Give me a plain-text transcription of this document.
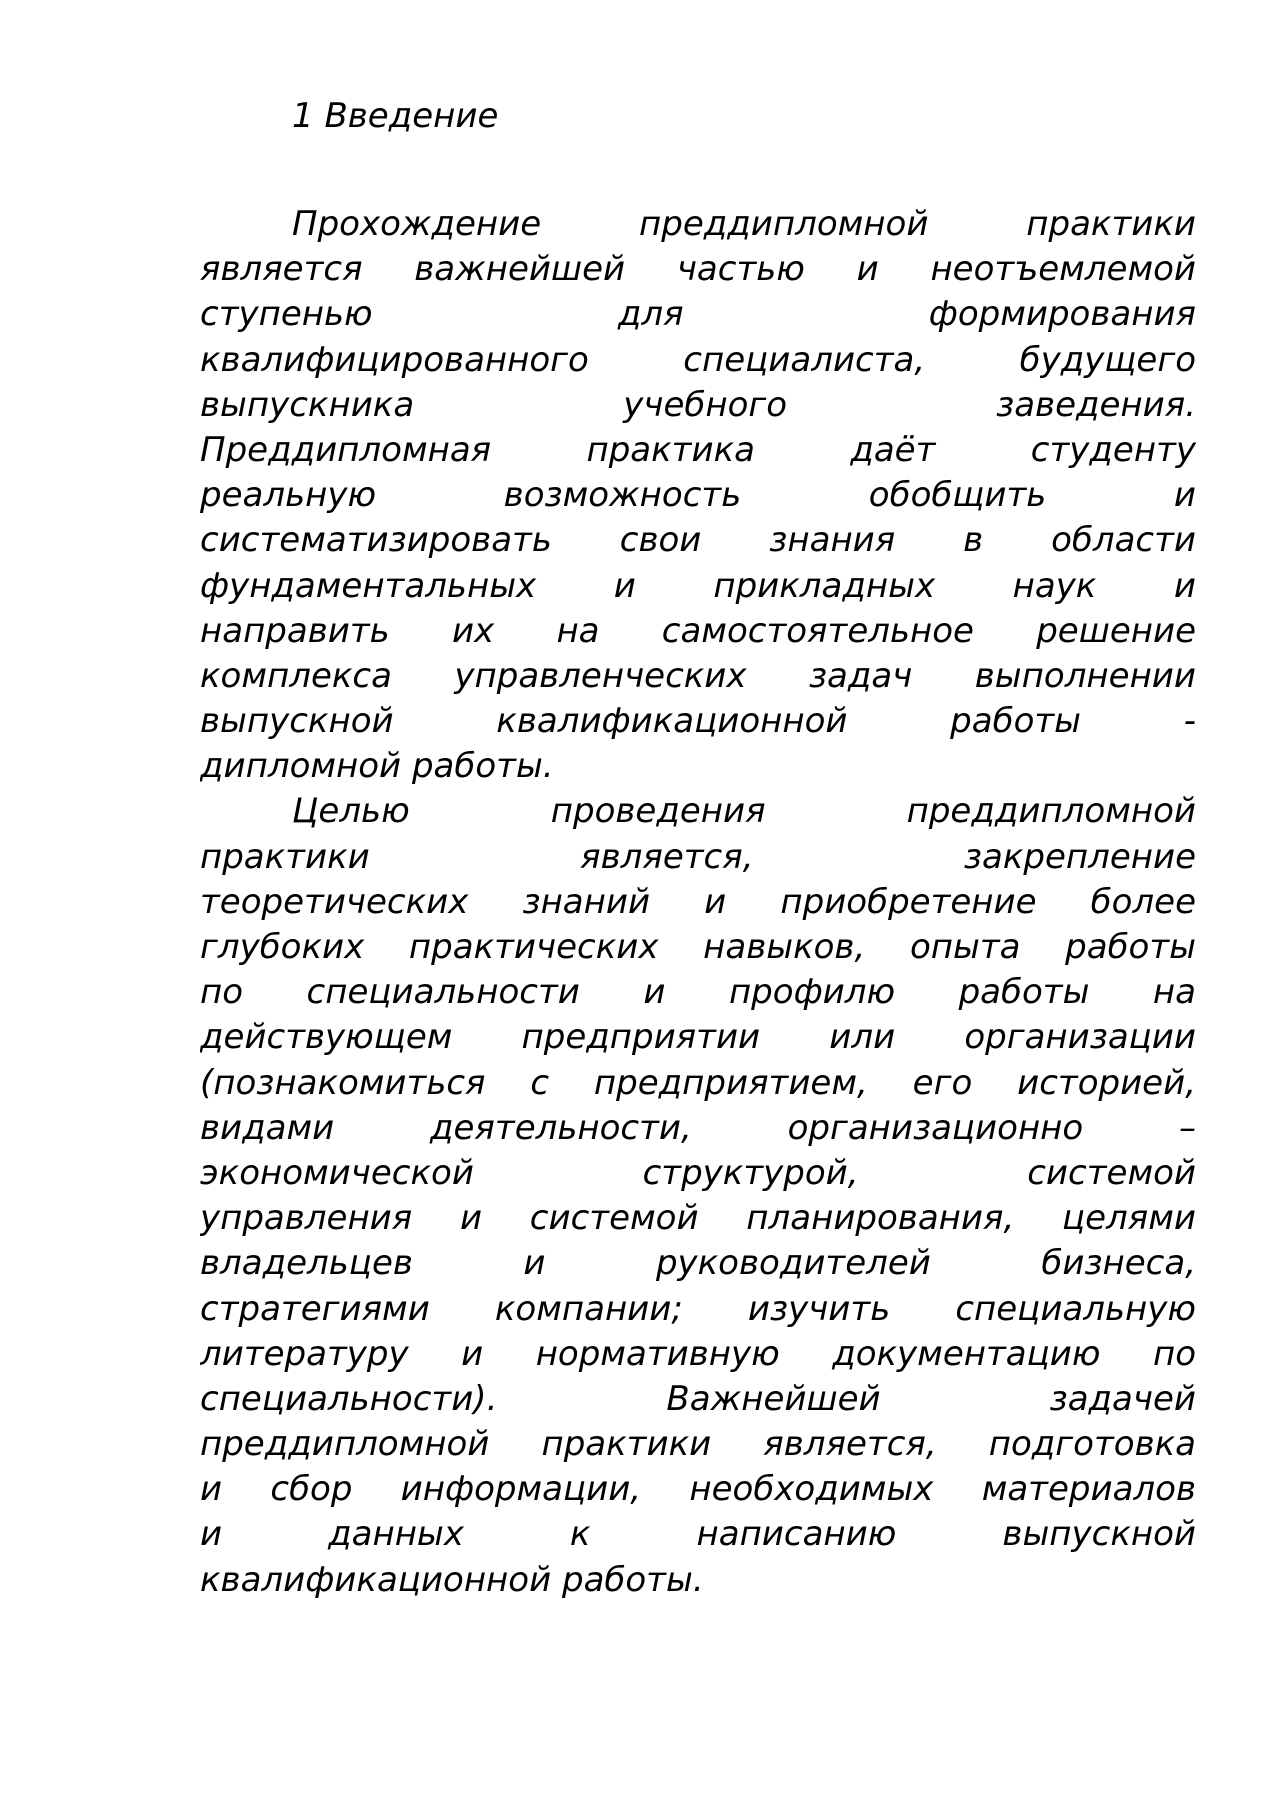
1 Введение
Прохождение преддипломной практики
является важнейшей частью и неотъемлемой
ступенью для формирования
квалифицированного специалиста, будущего
выпускника учебного заведения.
Преддипломная практика даёт студенту
реальную возможность обобщить и
систематизировать свои знания в области
фундаментальных и прикладных наук и
направить их на самостоятельное решение
комплекса управленческих задач выполнении
выпускной квалификационной работы -
дипломной работы.
Целью проведения преддипломной
практики является, закрепление
теоретических знаний и приобретение более
глубоких практических навыков, опыта работы
по специальности и профилю работы на
действующем предприятии или организации
(познакомиться с предприятием, его историей,
видами деятельности, организационно –
экономической структурой, системой
управления и системой планирования, целями
владельцев и руководителей бизнеса,
стратегиями компании; изучить специальную
литературу и нормативную документацию по
специальности). Важнейшей задачей
преддипломной практики является, подготовка
и сбор информации, необходимых материалов
и данных к написанию выпускной
квалификационной работы.
